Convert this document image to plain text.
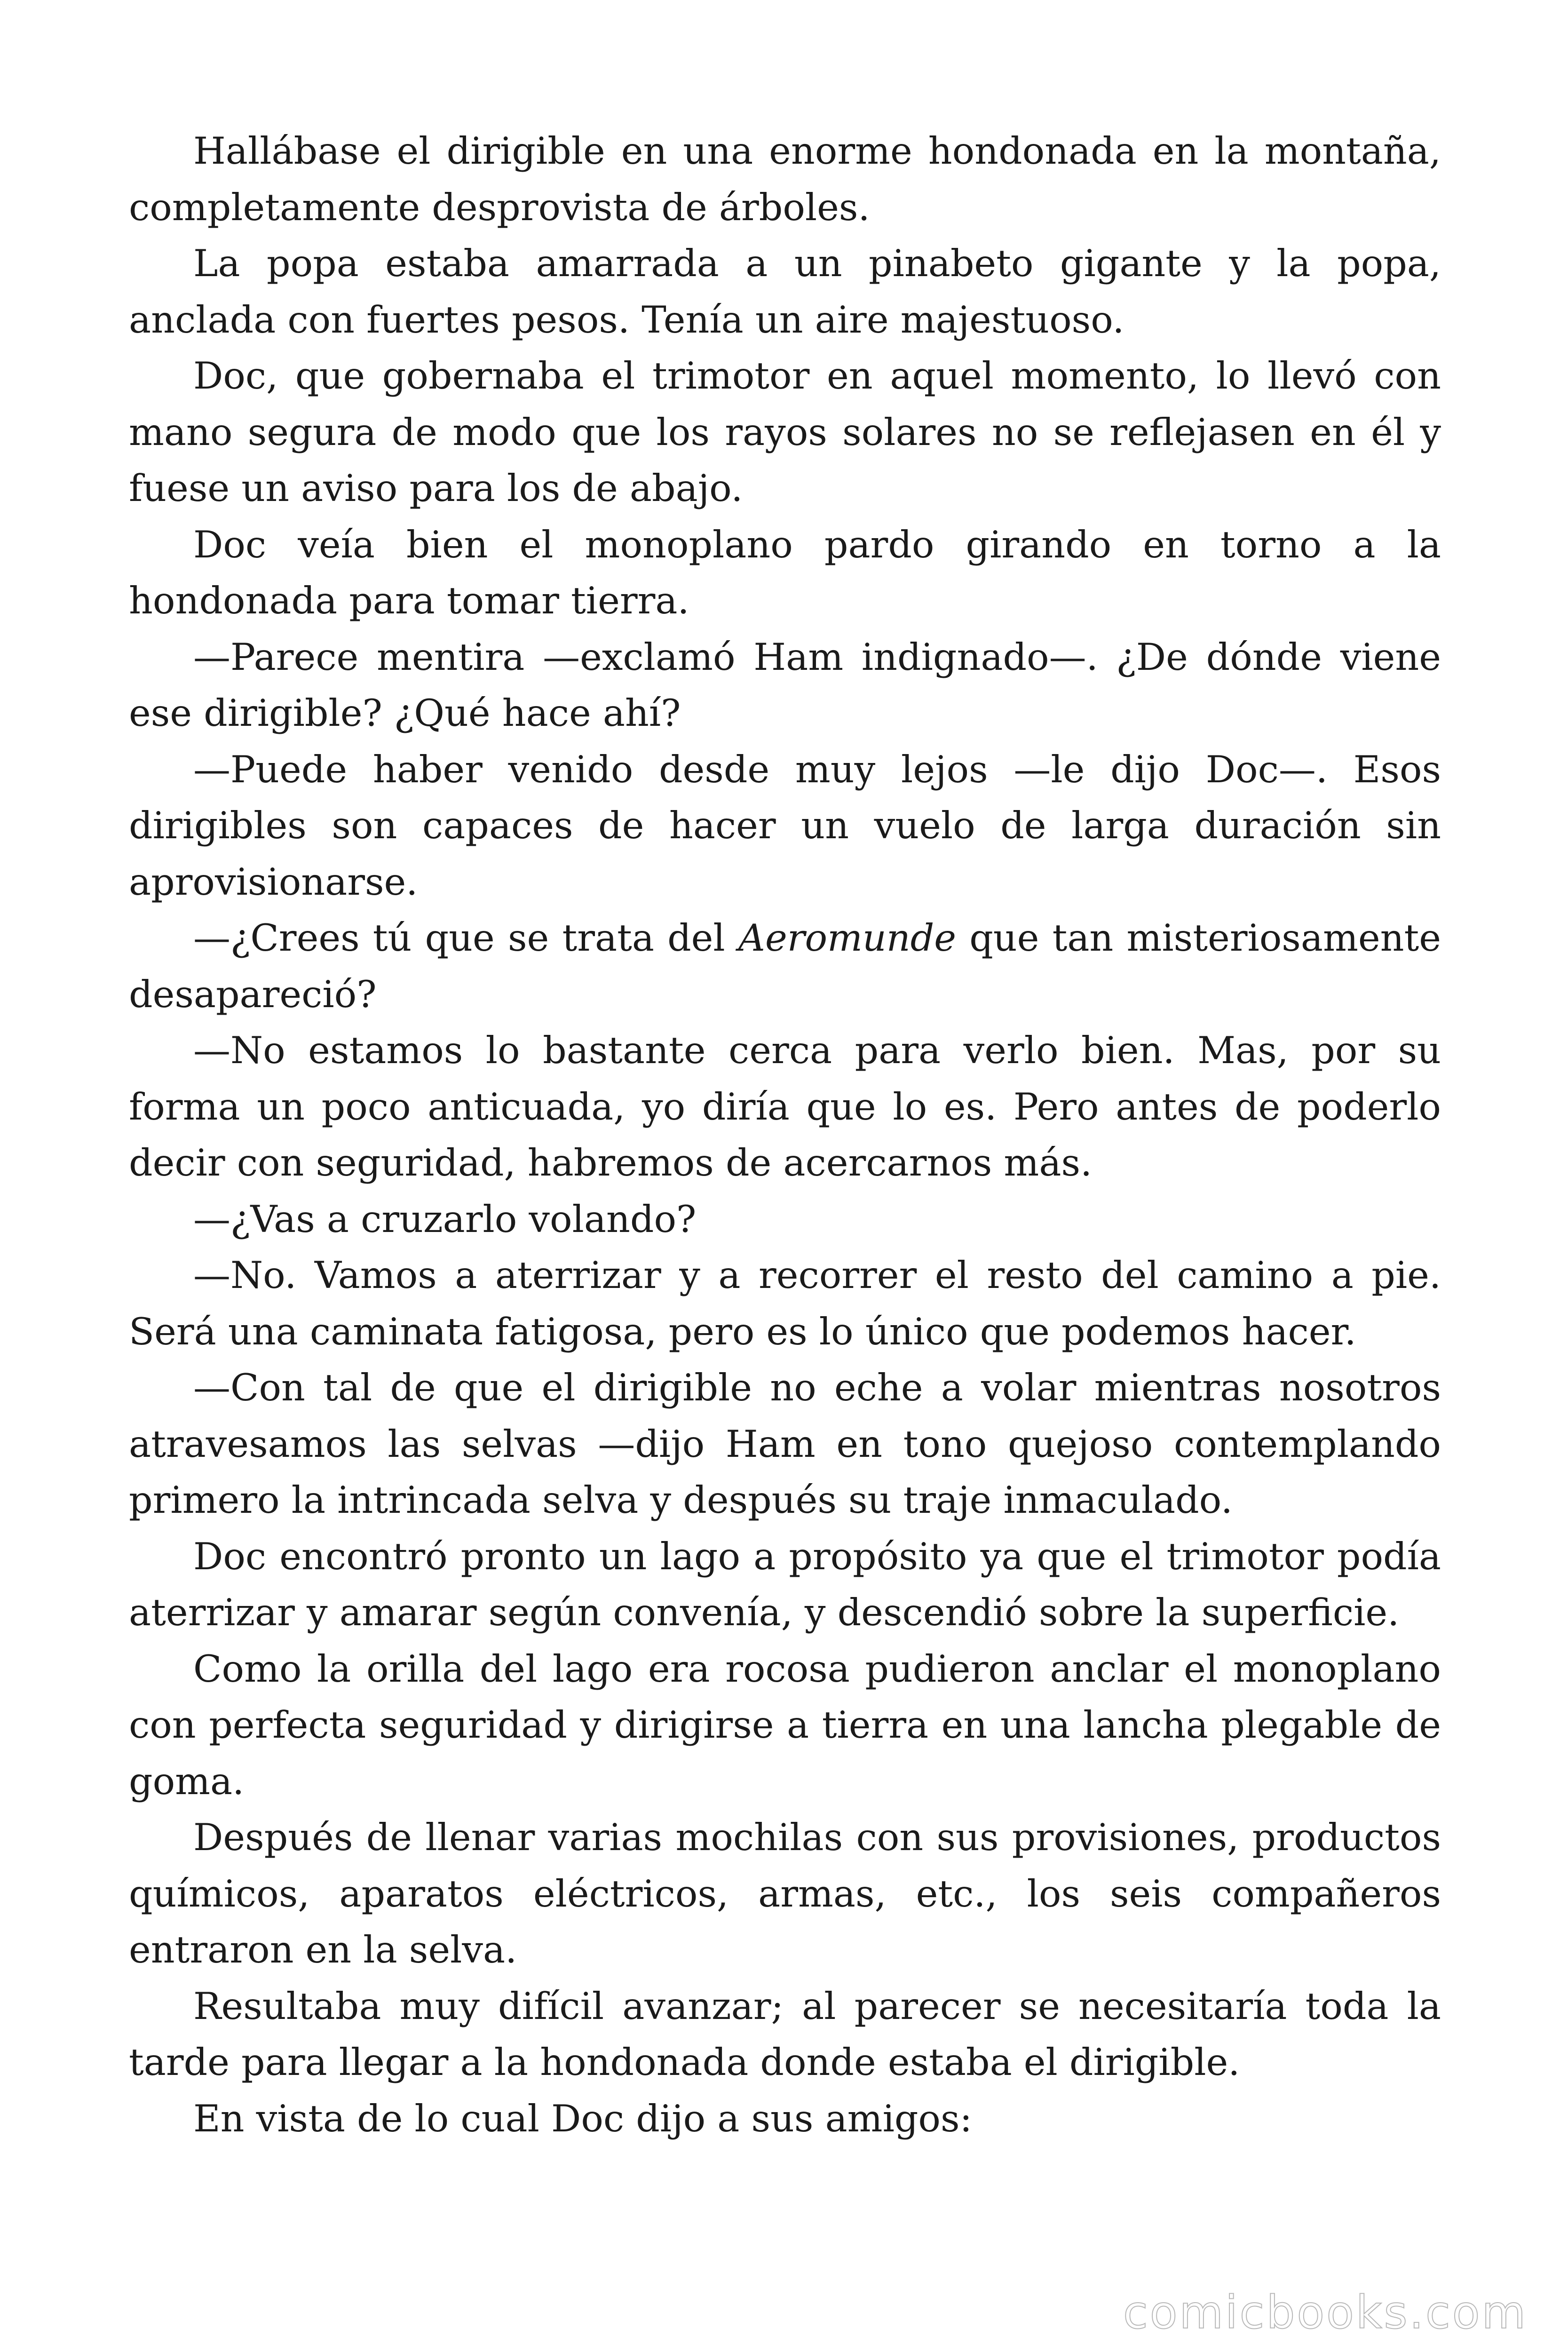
Hallábase el dirigible en una enorme hondonada en la montaña, completamente desprovista de árboles.

La popa estaba amarrada a un pinabeto gigante y la popa, anclada con fuertes pesos. Tenía un aire majestuoso.

Doc, que gobernaba el trimotor en aquel momento, lo llevó con mano segura de modo que los rayos solares no se reflejasen en él y fuese un aviso para los de abajo.

Doc veía bien el monoplano pardo girando en torno a la hondonada para tomar tierra.

—Parece mentira —exclamó Ham indignado—. ¿De dónde viene ese dirigible? ¿Qué hace ahí?

—Puede haber venido desde muy lejos —le dijo Doc—. Esos dirigibles son capaces de hacer un vuelo de larga duración sin aprovisionarse.

—¿Crees tú que se trata del Aeromunde que tan misteriosamente desapareció?

—No estamos lo bastante cerca para verlo bien. Mas, por su forma un poco anticuada, yo diría que lo es. Pero antes de poderlo decir con seguridad, habremos de acercarnos más.

—¿Vas a cruzarlo volando?

—No. Vamos a aterrizar y a recorrer el resto del camino a pie. Será una caminata fatigosa, pero es lo único que podemos hacer.

—Con tal de que el dirigible no eche a volar mientras nosotros atravesamos las selvas —dijo Ham en tono quejoso contemplando primero la intrincada selva y después su traje inmaculado.

Doc encontró pronto un lago a propósito ya que el trimotor podía aterrizar y amarar según convenía, y descendió sobre la superficie.

Como la orilla del lago era rocosa pudieron anclar el monoplano con perfecta seguridad y dirigirse a tierra en una lancha plegable de goma.

Después de llenar varias mochilas con sus provisiones, productos químicos, aparatos eléctricos, armas, etc., los seis compañeros entraron en la selva.

Resultaba muy difícil avanzar; al parecer se necesitaría toda la tarde para llegar a la hondonada donde estaba el dirigible.

En vista de lo cual Doc dijo a sus amigos:

comicbooks.com
